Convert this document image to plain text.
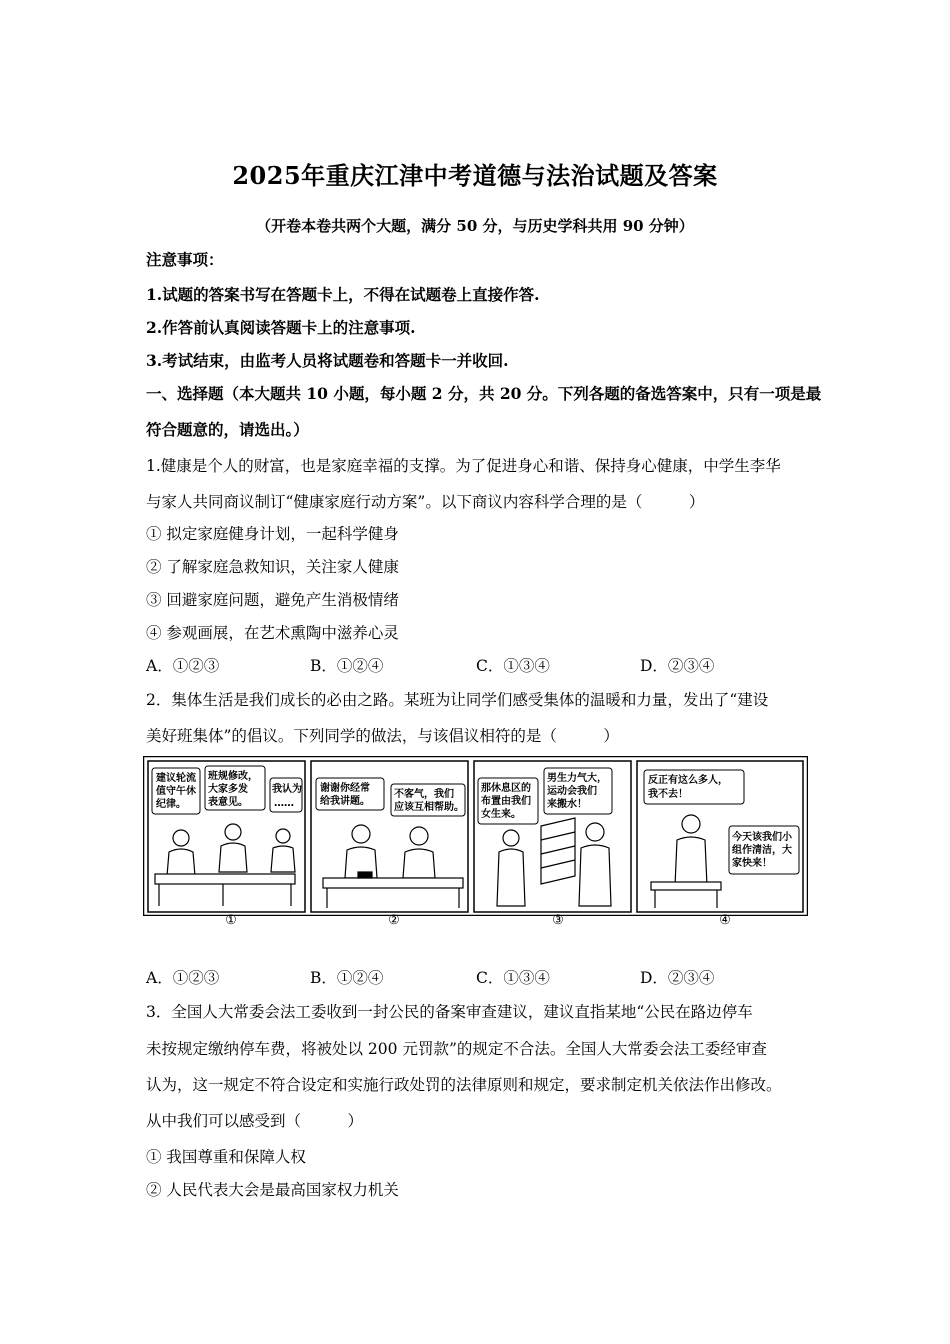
2025年重庆江津中考道德与法治试题及答案
（开卷本卷共两个大题，满分 50 分，与历史学科共用 90 分钟）
注意事项：
1.试题的答案书写在答题卡上，不得在试题卷上直接作答.
2.作答前认真阅读答题卡上的注意事项.
3.考试结束，由监考人员将试题卷和答题卡一并收回.
一、选择题（本大题共 10 小题，每小题 2 分，共 20 分。下列各题的备选答案中，只有一项是最
符合题意的，请选出。）
1.健康是个人的财富，也是家庭幸福的支撑。为了促进身心和谐、保持身心健康，中学生李华
与家人共同商议制订“健康家庭行动方案”。以下商议内容科学合理的是（　　　）
① 拟定家庭健身计划，一起科学健身
② 了解家庭急救知识，关注家人健康
③ 回避家庭问题，避免产生消极情绪
④ 参观画展，在艺术熏陶中滋养心灵
A．①②③	B．①②④	C．①③④	D．②③④
2．集体生活是我们成长的必由之路。某班为让同学们感受集体的温暖和力量，发出了“建设
美好班集体”的倡议。下列同学的做法，与该倡议相符的是（　　　）
建议轮流
值守午休
纪律。
班规修改，
大家多发
表意见。
我认为
……
谢谢你经常
给我讲题。
不客气，我们
应该互相帮助。
那休息区的
布置由我们
女生来。
男生力气大，
运动会我们
来搬水！
反正有这么多人，
我不去！
今天该我们小
组作清洁，大
家快来！
①	②	③	④
A．①②③	B．①②④	C．①③④	D．②③④
3．全国人大常委会法工委收到一封公民的备案审查建议，建议直指某地“公民在路边停车
未按规定缴纳停车费，将被处以 200 元罚款”的规定不合法。全国人大常委会法工委经审查
认为，这一规定不符合设定和实施行政处罚的法律原则和规定，要求制定机关依法作出修改。
从中我们可以感受到（　　　）
① 我国尊重和保障人权
② 人民代表大会是最高国家权力机关
